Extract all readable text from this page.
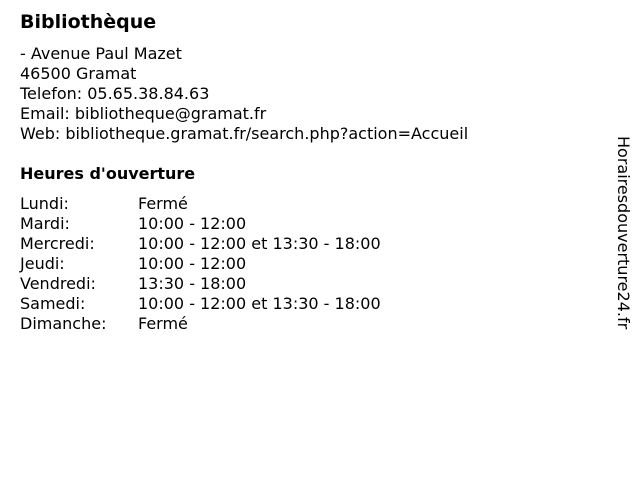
Bibliothèque
- Avenue Paul Mazet
46500 Gramat
Telefon: 05.65.38.84.63
Email: bibliotheque@gramat.fr
Web: bibliotheque.gramat.fr/search.php?action=Accueil
Heures d'ouverture
Lundi:	Fermé
Mardi:	10:00 - 12:00
Mercredi:	10:00 - 12:00 et 13:30 - 18:00
Jeudi:	10:00 - 12:00
Vendredi:	13:30 - 18:00
Samedi:	10:00 - 12:00 et 13:30 - 18:00
Dimanche: Fermé	Horairesdouverture24.fr
